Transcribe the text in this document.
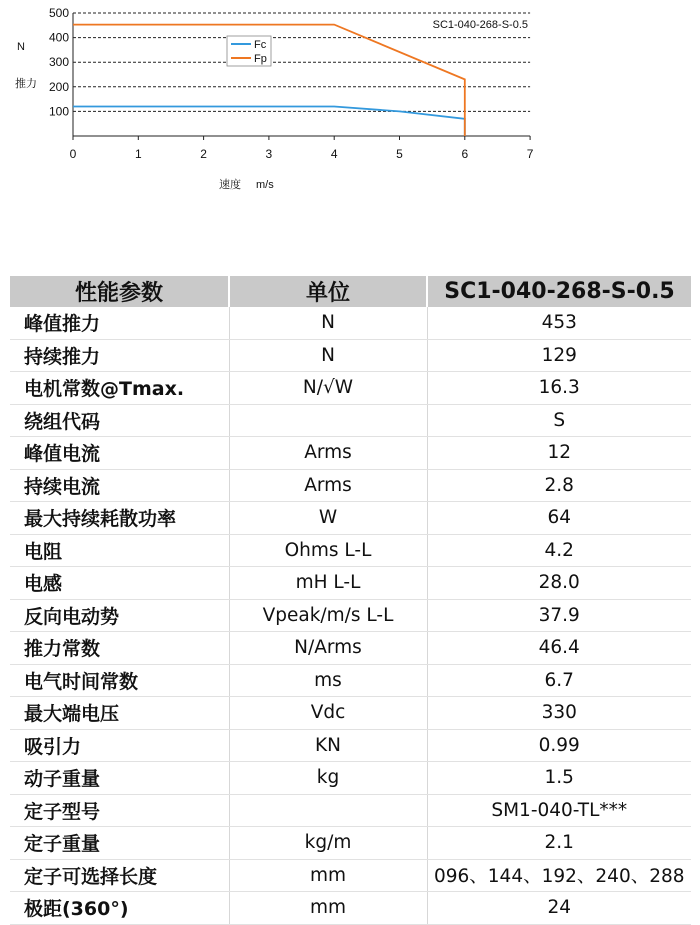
100
200
300
400
500
0	1	2	3	4	5	6	7
SC1-040-268-S-0.5
Fc
Fp
推力
N
速度 m/s
性能参数	单位	SC1-040-268-S-0.5
峰值推力	N	453
持续推力	N	129
电机常数@Tmax.	N/√W	16.3
绕组代码		S
峰值电流	Arms	12
持续电流	Arms	2.8
最大持续耗散功率	W	64
电阻	Ohms L-L	4.2
电感	mH L-L	28.0
反向电动势	Vpeak/m/s L-L	37.9
推力常数	N/Arms	46.4
电气时间常数	ms	6.7
最大端电压	Vdc	330
吸引力	KN	0.99
动子重量	kg	1.5
定子型号		SM1-040-TL***
定子重量	kg/m	2.1
定子可选择长度	mm	096、144、192、240、288
极距(360°)	mm	24
